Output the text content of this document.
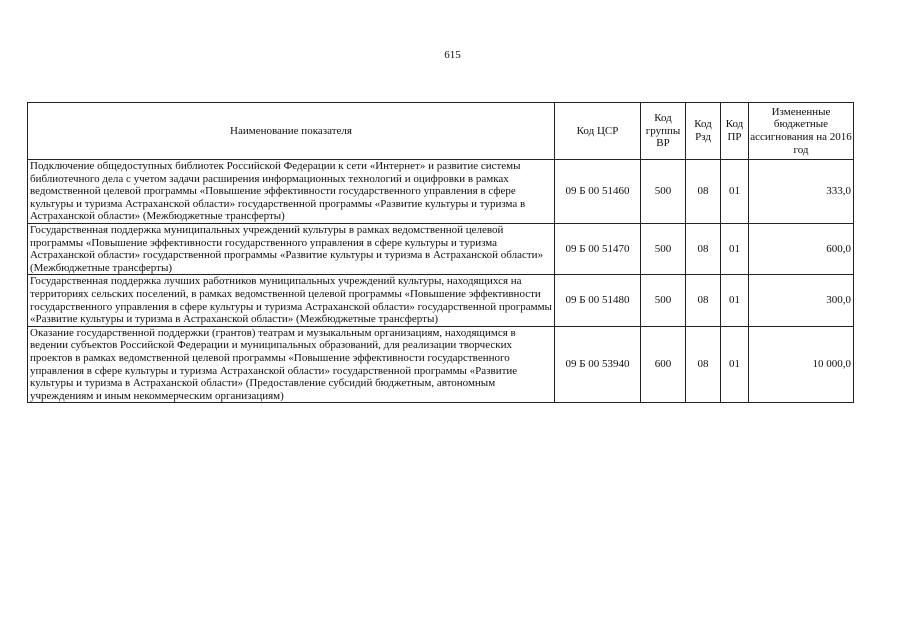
615
Наименование показателя	Код ЦСР	Код группы ВР	Код Рзд	Код ПР	Измененные бюджетные ассигнования на 2016 год
Подключение общедоступных библиотек Российской Федерации к сети «Интернет» и развитие системы библиотечного дела с учетом задачи расширения информационных технологий и оцифровки в рамках ведомственной целевой программы «Повышение эффективности государственного управления в сфере культуры и туризма Астраханской области» государственной программы «Развитие культуры и туризма в Астраханской области» (Межбюджетные трансферты)	09 Б 00 51460	500	08	01	333,0
Государственная поддержка муниципальных учреждений культуры в рамках ведомственной целевой программы «Повышение эффективности государственного управления в сфере культуры и туризма Астраханской области» государственной программы «Развитие культуры и туризма в Астраханской области» (Межбюджетные трансферты)	09 Б 00 51470	500	08	01	600,0
Государственная поддержка лучших работников муниципальных учреждений культуры, находящихся на территориях сельских поселений, в рамках ведомственной целевой программы «Повышение эффективности государственного управления в сфере культуры и туризма Астраханской области» государственной программы «Развитие культуры и туризма в Астраханской области» (Межбюджетные трансферты)	09 Б 00 51480	500	08	01	300,0
Оказание государственной поддержки (грантов) театрам и музыкальным организациям, находящимся в ведении субъектов Российской Федерации и муниципальных образований, для реализации творческих проектов в рамках ведомственной целевой программы «Повышение эффективности государственного управления в сфере культуры и туризма Астраханской области» государственной программы «Развитие культуры и туризма в Астраханской области» (Предоставление субсидий бюджетным, автономным учреждениям и иным некоммерческим организациям)	09 Б 00 53940	600	08	01	10 000,0
